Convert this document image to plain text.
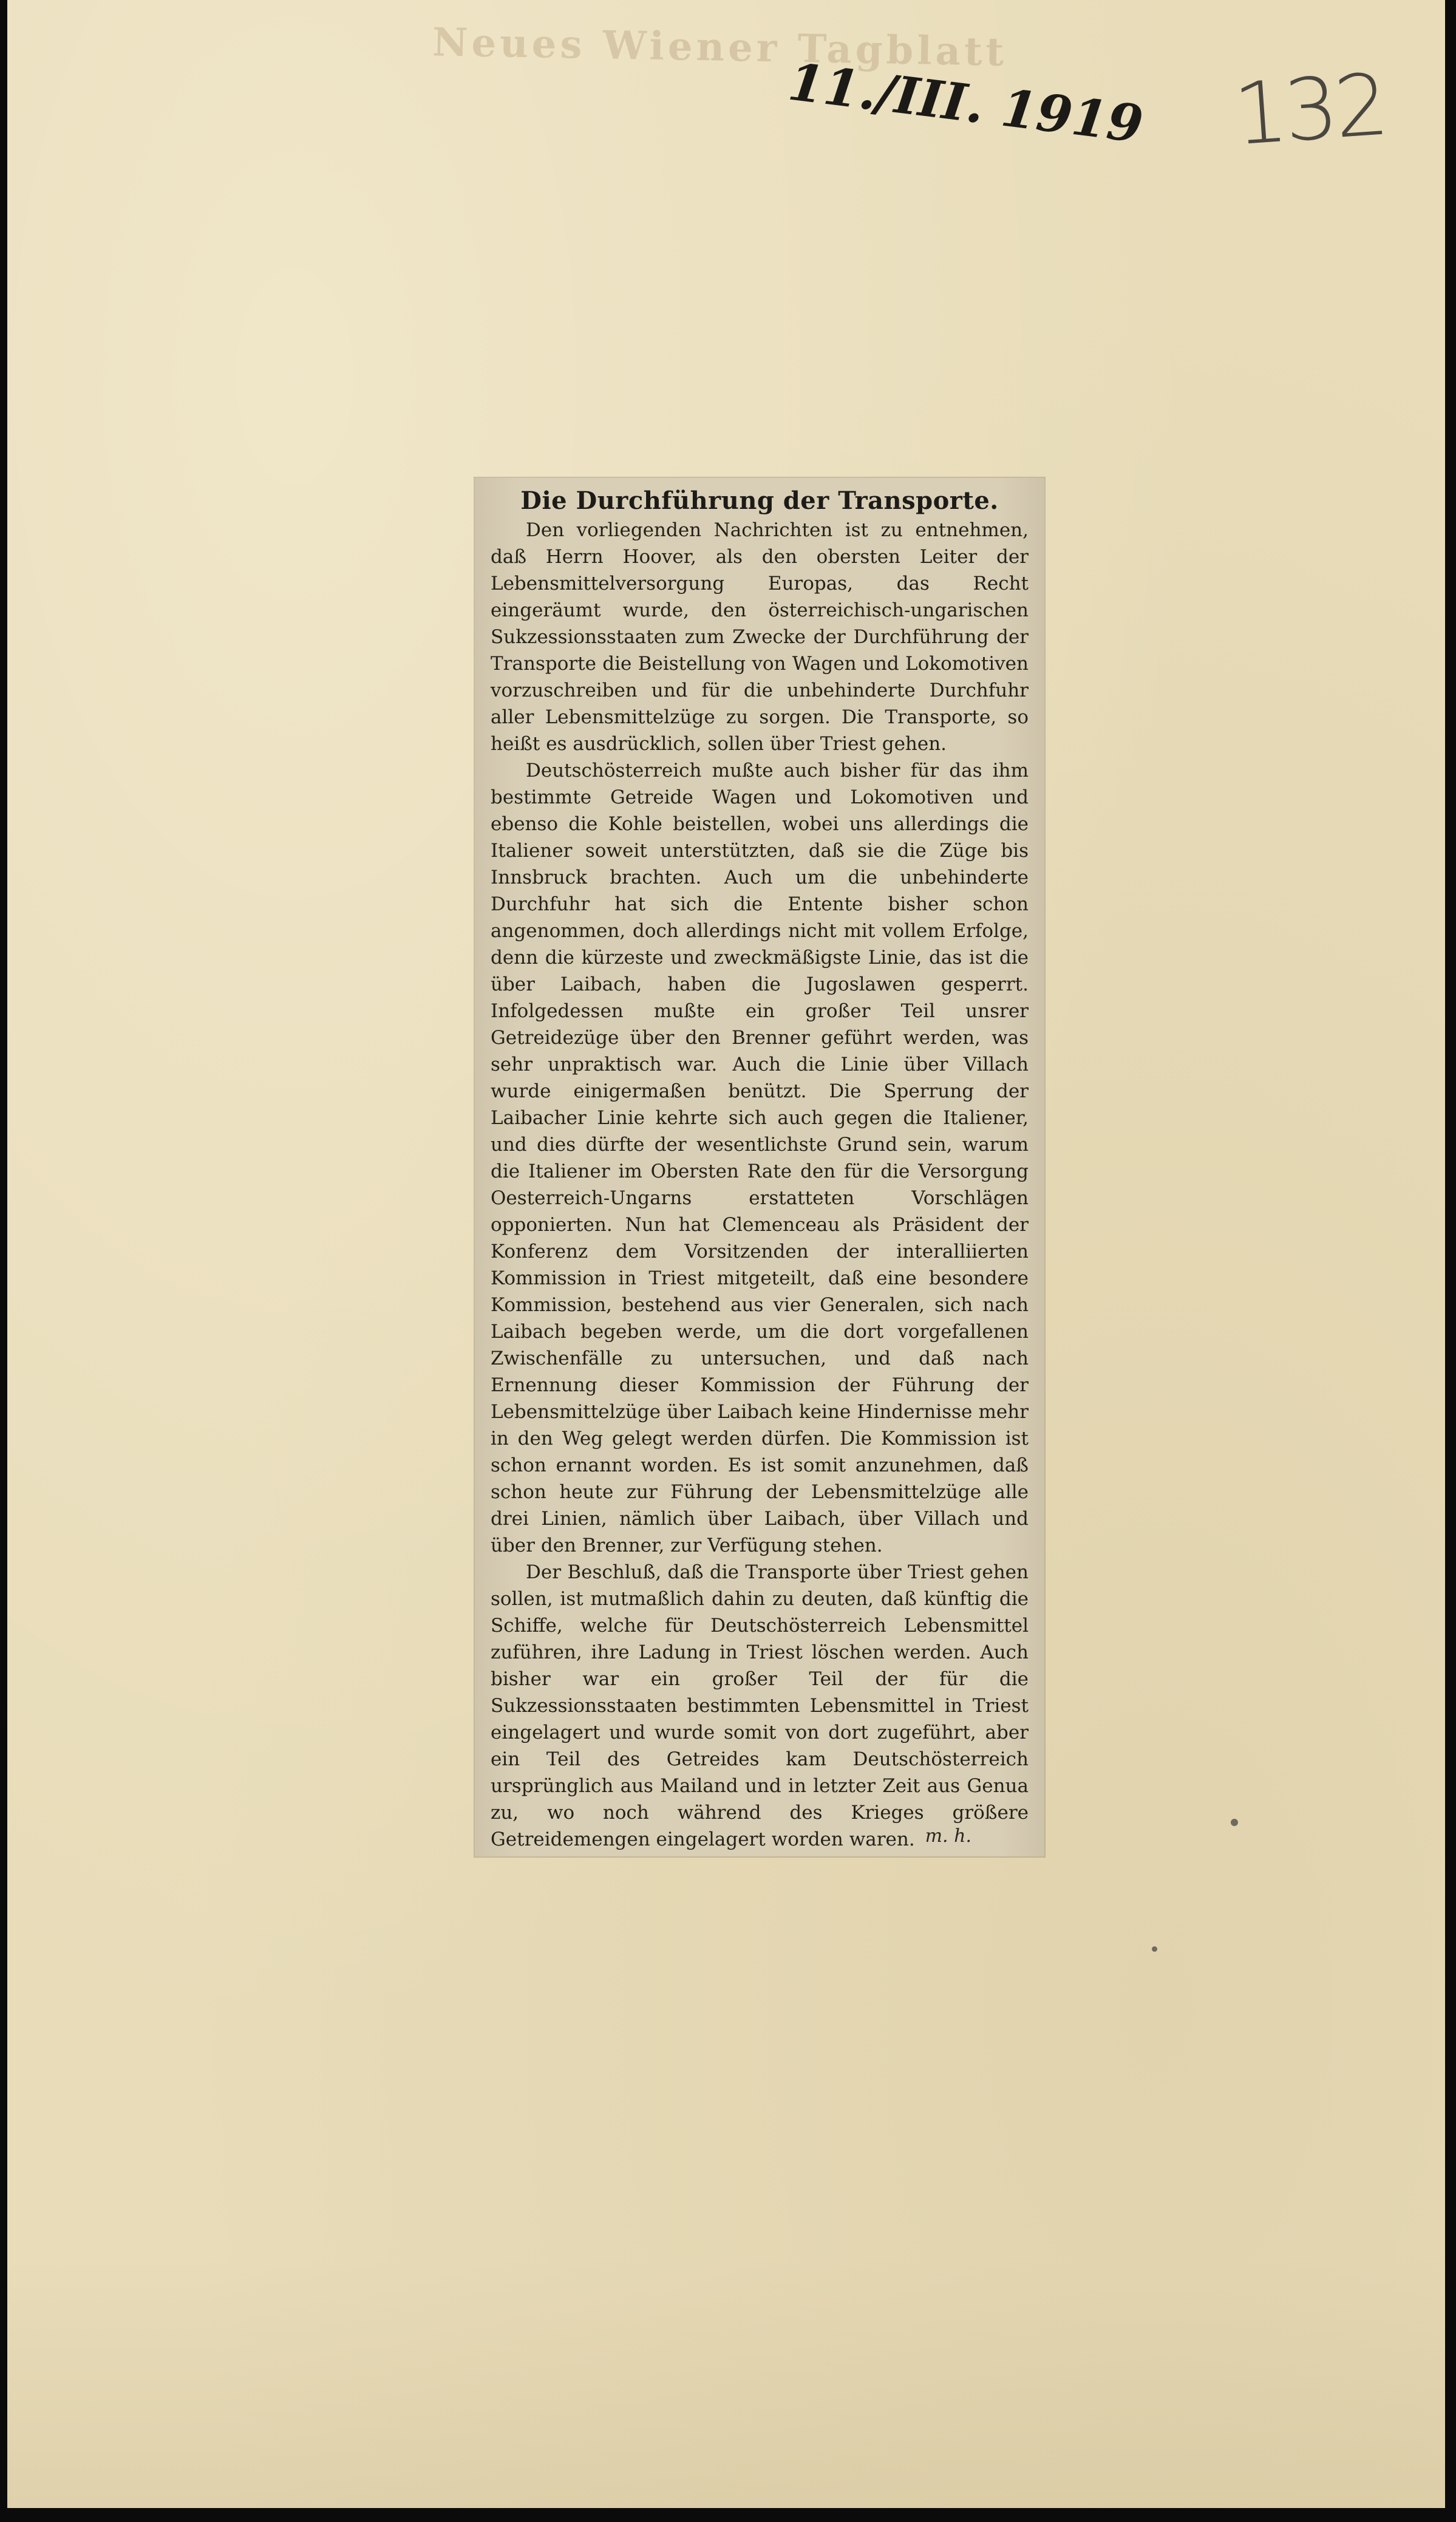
Neues Wiener Tagblatt
11./III. 1919 132
Die Durchführung der Transporte.

Den vorliegenden Nachrichten ist zu entnehmen, daß Herrn Hoover, als den obersten Leiter der Lebensmittelversorgung Europas, das Recht eingeräumt wurde, den österreichisch-ungarischen Sukzessionsstaaten zum Zwecke der Durchführung der Transporte die Beistellung von Wagen und Lokomotiven vorzuschreiben und für die unbehinderte Durchfuhr aller Lebensmittelzüge zu sorgen. Die Transporte, so heißt es ausdrücklich, sollen über Triest gehen.

Deutschösterreich mußte auch bisher für das ihm bestimmte Getreide Wagen und Lokomotiven und ebenso die Kohle beistellen, wobei uns allerdings die Italiener soweit unterstützten, daß sie die Züge bis Innsbruck brachten. Auch um die unbehinderte Durchfuhr hat sich die Entente bisher schon angenommen, doch allerdings nicht mit vollem Erfolge, denn die kürzeste und zweckmäßigste Linie, das ist die über Laibach, haben die Jugoslawen gesperrt. Infolgedessen mußte ein großer Teil unsrer Getreidezüge über den Brenner geführt werden, was sehr unpraktisch war. Auch die Linie über Villach wurde einigermaßen benützt. Die Sperrung der Laibacher Linie kehrte sich auch gegen die Italiener, und dies dürfte der wesentlichste Grund sein, warum die Italiener im Obersten Rate den für die Versorgung Oesterreich-Ungarns erstatteten Vorschlägen opponierten. Nun hat Clemenceau als Präsident der Konferenz dem Vorsitzenden der interalliierten Kommission in Triest mitgeteilt, daß eine besondere Kommission, bestehend aus vier Generalen, sich nach Laibach begeben werde, um die dort vorgefallenen Zwischenfälle zu untersuchen, und daß nach Ernennung dieser Kommission der Führung der Lebensmittelzüge über Laibach keine Hindernisse mehr in den Weg gelegt werden dürfen. Die Kommission ist schon ernannt worden. Es ist somit anzunehmen, daß schon heute zur Führung der Lebensmittelzüge alle drei Linien, nämlich über Laibach, über Villach und über den Brenner, zur Verfügung stehen.

Der Beschluß, daß die Transporte über Triest gehen sollen, ist mutmaßlich dahin zu deuten, daß künftig die Schiffe, welche für Deutschösterreich Lebensmittel zuführen, ihre Ladung in Triest löschen werden. Auch bisher war ein großer Teil der für die Sukzessionsstaaten bestimmten Lebensmittel in Triest eingelagert und wurde somit von dort zugeführt, aber ein Teil des Getreides kam Deutschösterreich ursprünglich aus Mailand und in letzter Zeit aus Genua zu, wo noch während des Krieges größere Getreidemengen eingelagert worden waren. m. h.
